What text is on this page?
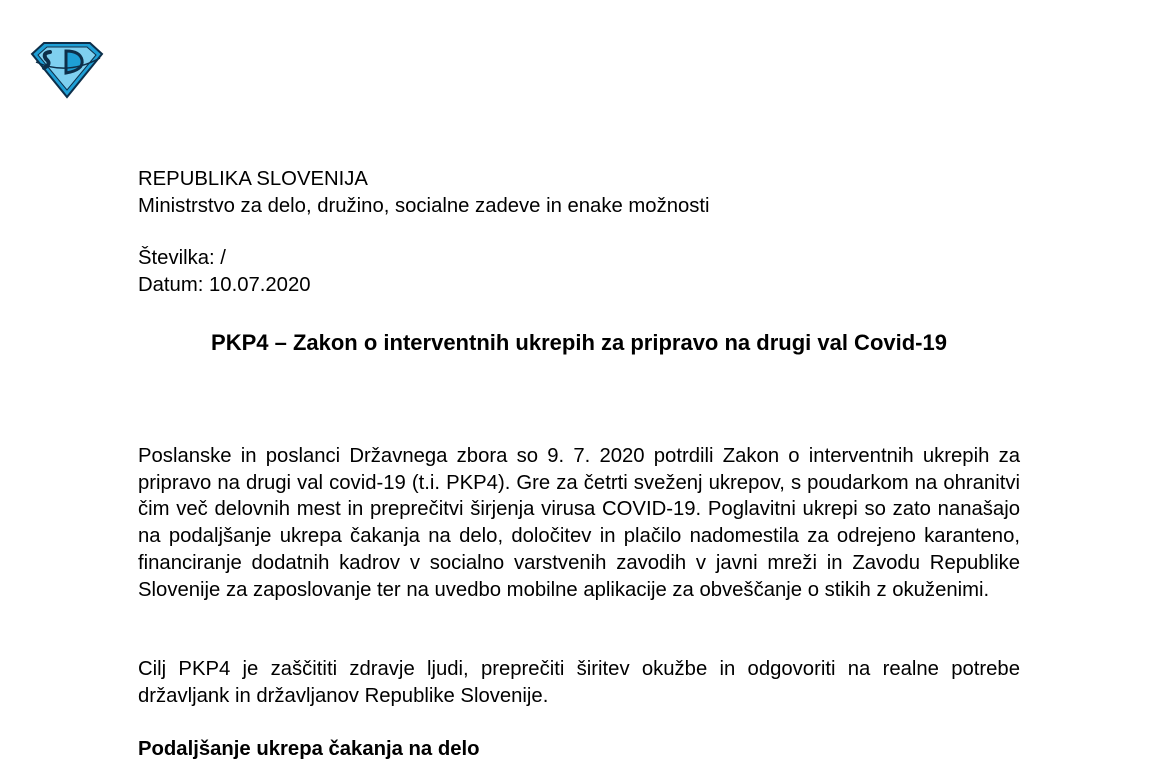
REPUBLIKA SLOVENIJA
Ministrstvo za delo, družino, socialne zadeve in enake možnosti
Številka: /
Datum: 10.07.2020
PKP4 – Zakon o interventnih ukrepih za pripravo na drugi val Covid-19

Poslanske in poslanci Državnega zbora so 9. 7. 2020 potrdili Zakon o interventnih ukrepih za pripravo na drugi val covid-19 (t.i. PKP4). Gre za četrti sveženj ukrepov, s poudarkom na ohranitvi čim več delovnih mest in preprečitvi širjenja virusa COVID-19. Poglavitni ukrepi so zato nanašajo na podaljšanje ukrepa čakanja na delo, določitev in plačilo nadomestila za odrejeno karanteno, financiranje dodatnih kadrov v socialno varstvenih zavodih v javni mreži in Zavodu Republike Slovenije za zaposlovanje ter na uvedbo mobilne aplikacije za obveščanje o stikih z okuženimi.

Cilj PKP4 je zaščititi zdravje ljudi, preprečiti širitev okužbe in odgovoriti na realne potrebe državljank in državljanov Republike Slovenije.

Podaljšanje ukrepa čakanja na delo
